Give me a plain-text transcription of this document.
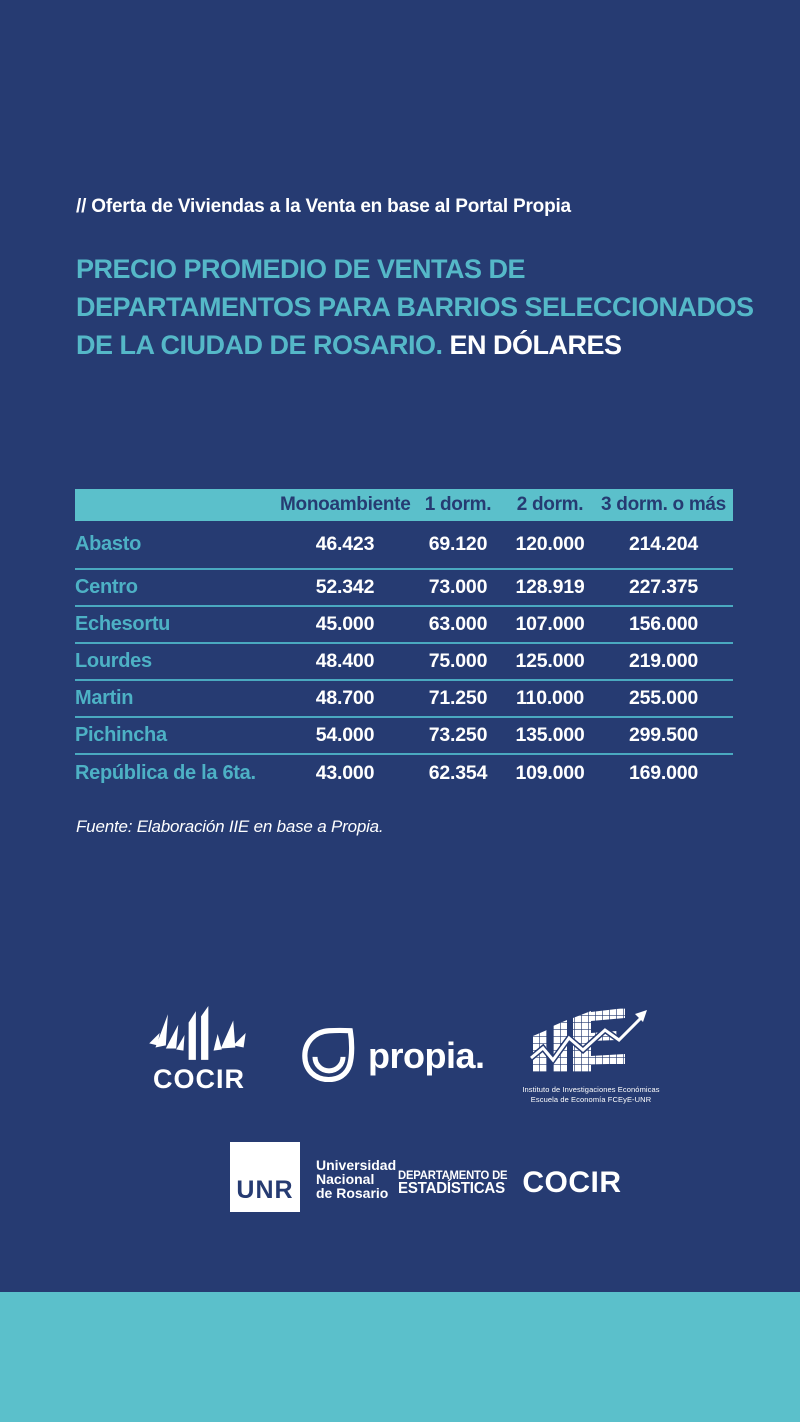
// Oferta de Viviendas a la Venta en base al Portal Propia
PRECIO PROMEDIO DE VENTAS DE
DEPARTAMENTOS PARA BARRIOS SELECCIONADOS
DE LA CIUDAD DE ROSARIO. EN DÓLARES
	Monoambiente	1 dorm.	2 dorm.	3 dorm. o más
Abasto	46.423	69.120	120.000	214.204
Centro	52.342	73.000	128.919	227.375
Echesortu	45.000	63.000	107.000	156.000
Lourdes	48.400	75.000	125.000	219.000
Martin	48.700	71.250	110.000	255.000
Pichincha	54.000	73.250	135.000	299.500
República de la 6ta.	43.000	62.354	109.000	169.000
Fuente: Elaboración IIE en base a Propia.
COCIR
propia.
Instituto de Investigaciones Económicas
Escuela de Economía FCEyE-UNR
UNR
Universidad
Nacional
de Rosario
DEPARTAMENTO DE
ESTADÍSTICAS COCIR
